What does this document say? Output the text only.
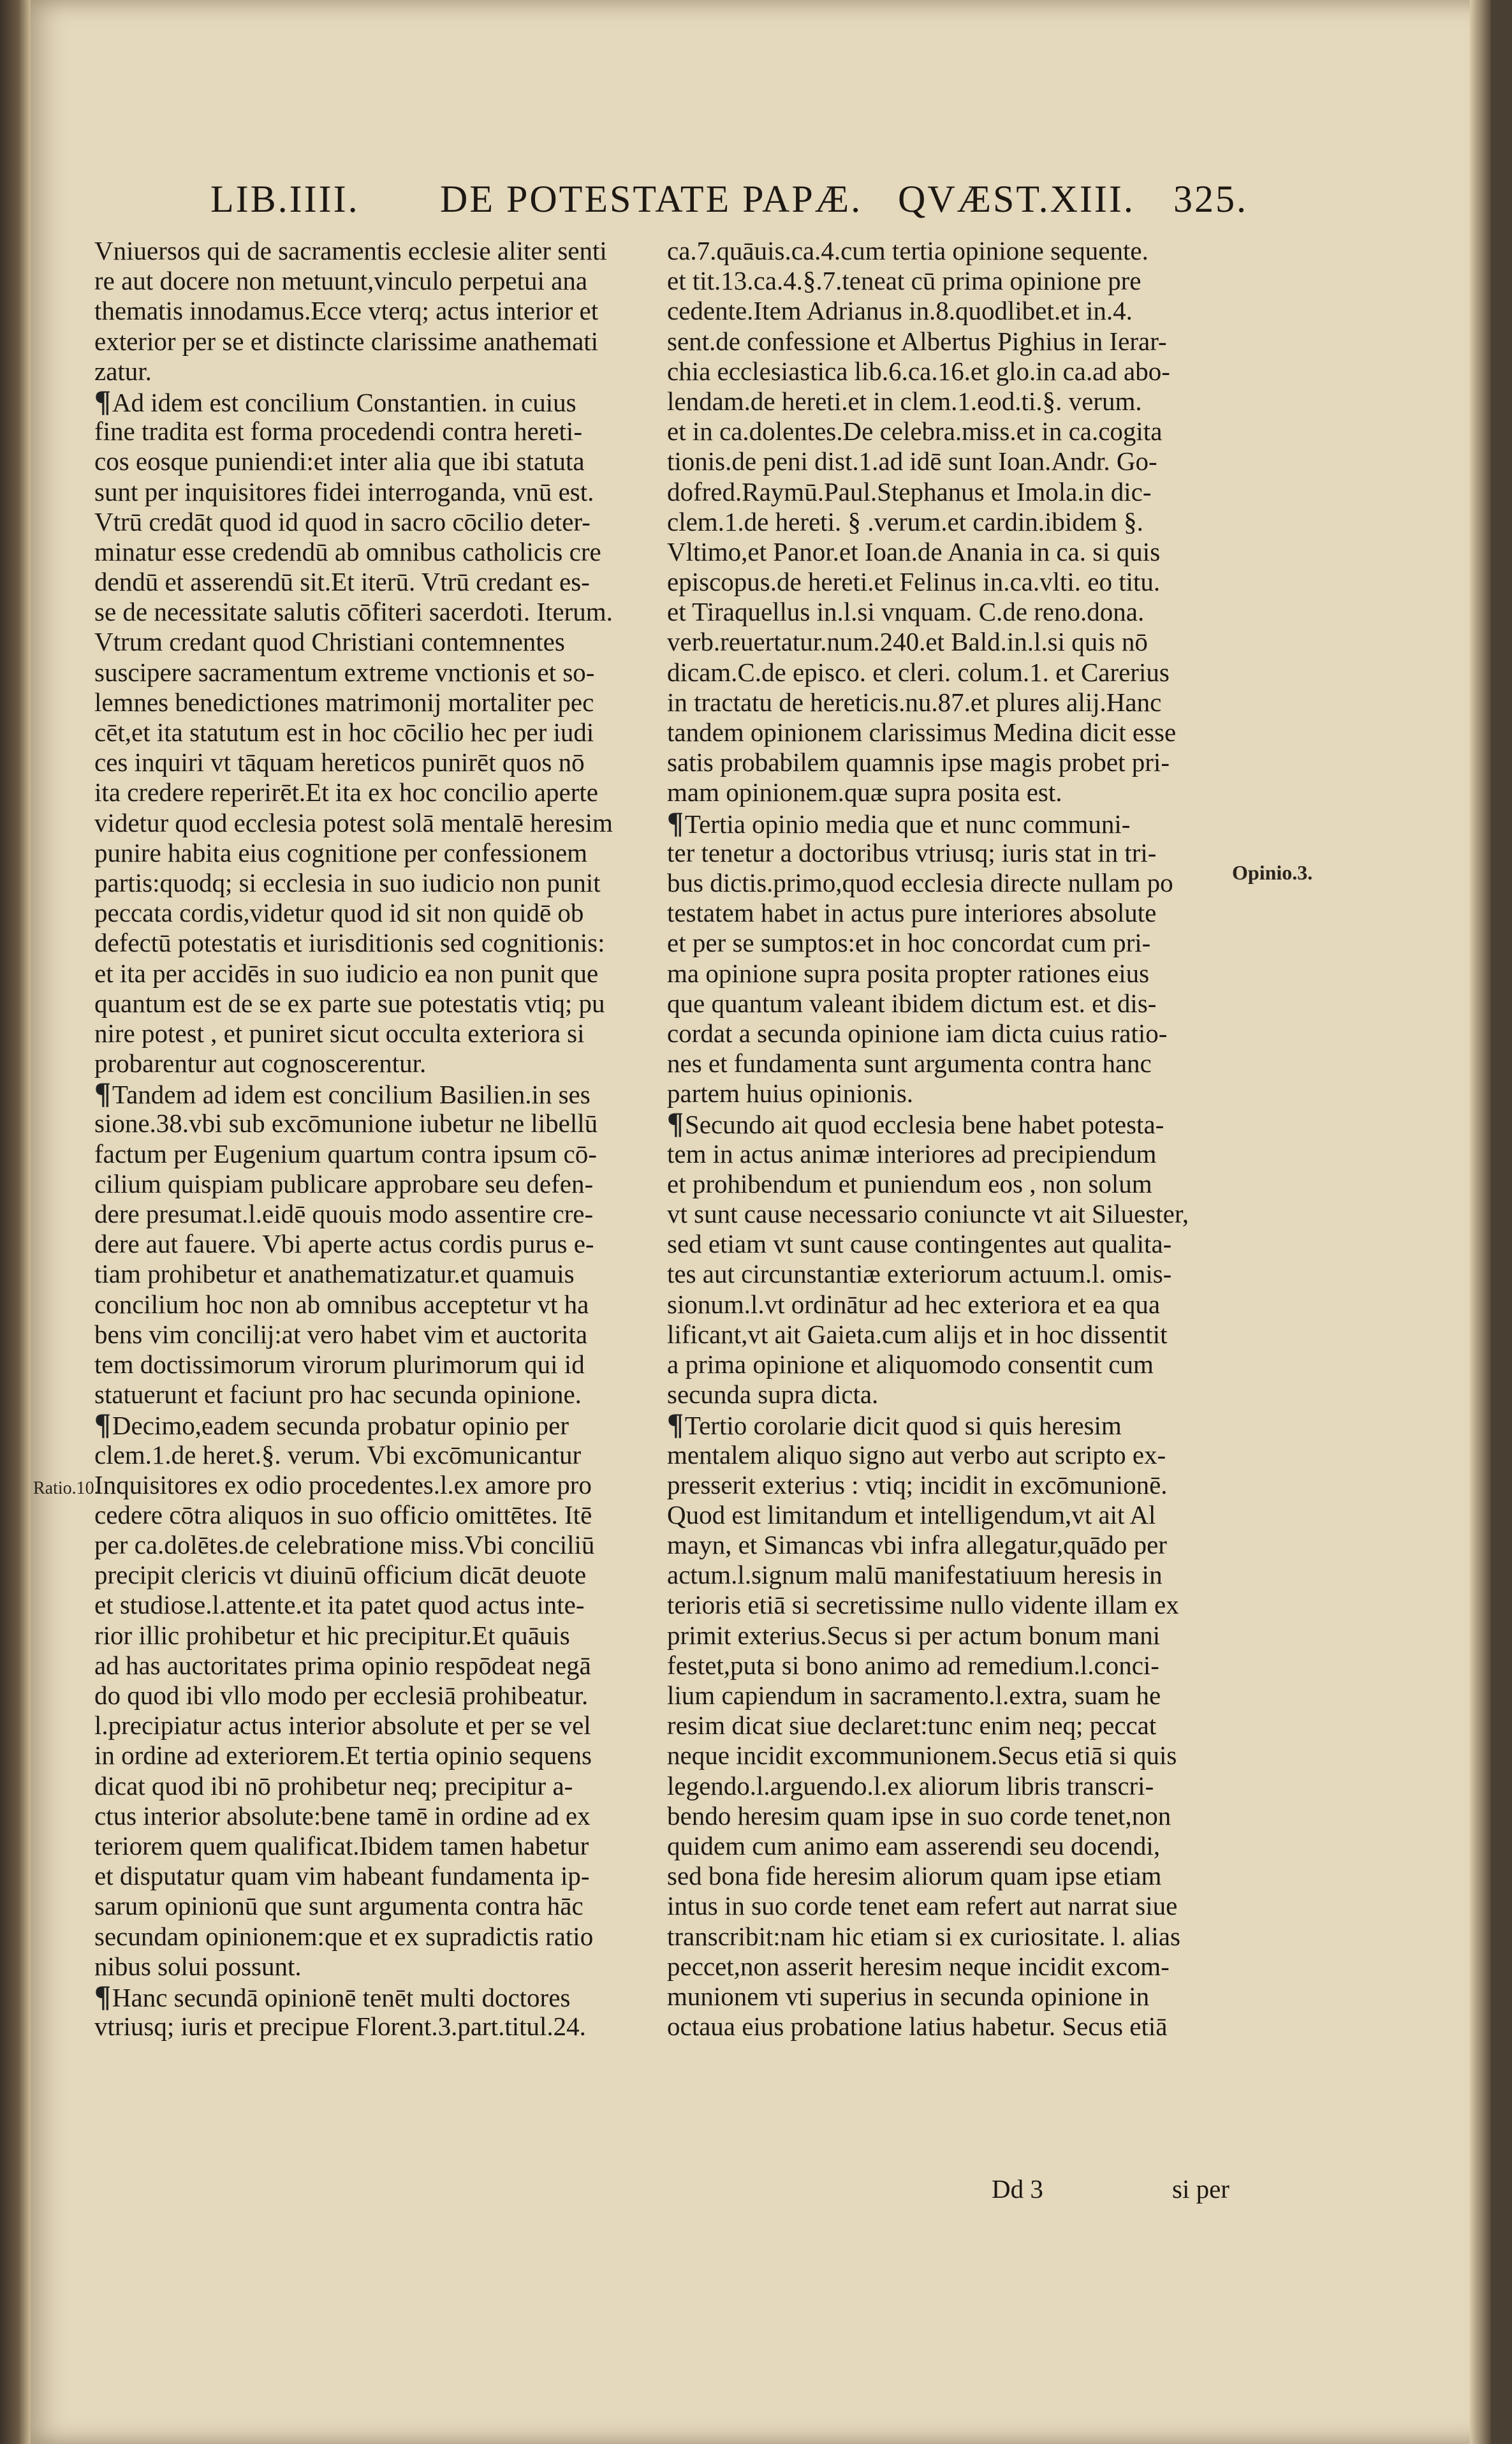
LIB.IIII. DE POTESTATE PAPÆ. QVÆST.XIII. 325.
Vniuersos qui de sacramentis ecclesie aliter senti
re aut docere non metuunt,vinculo perpetui ana
thematis innodamus.Ecce vterq; actus interior et
exterior per se et distincte clarissime anathemati
zatur.
¶Ad idem est concilium Constantien. in cuius
fine tradita est forma procedendi contra hereti-
cos eosque puniendi:et inter alia que ibi statuta
sunt per inquisitores fidei interroganda, vnū est.
Vtrū credāt quod id quod in sacro cōcilio deter-
minatur esse credendū ab omnibus catholicis cre
dendū et asserendū sit.Et iterū. Vtrū credant es-
se de necessitate salutis cōfiteri sacerdoti. Iterum.
Vtrum credant quod Christiani contemnentes
suscipere sacramentum extreme vnctionis et so-
lemnes benedictiones matrimonij mortaliter pec
cēt,et ita statutum est in hoc cōcilio hec per iudi
ces inquiri vt tāquam hereticos punirēt quos nō
ita credere reperirēt.Et ita ex hoc concilio aperte
videtur quod ecclesia potest solā mentalē heresim
punire habita eius cognitione per confessionem
partis:quodq; si ecclesia in suo iudicio non punit
peccata cordis,videtur quod id sit non quidē ob
defectū potestatis et iurisditionis sed cognitionis:
et ita per accidēs in suo iudicio ea non punit que
quantum est de se ex parte sue potestatis vtiq; pu
nire potest , et puniret sicut occulta exteriora si
probarentur aut cognoscerentur.
¶Tandem ad idem est concilium Basilien.in ses
sione.38.vbi sub excōmunione iubetur ne libellū
factum per Eugenium quartum contra ipsum cō-
cilium quispiam publicare approbare seu defen-
dere presumat.l.eidē quouis modo assentire cre-
dere aut fauere. Vbi aperte actus cordis purus e-
tiam prohibetur et anathematizatur.et quamuis
concilium hoc non ab omnibus acceptetur vt ha
bens vim concilij:at vero habet vim et auctorita
tem doctissimorum virorum plurimorum qui id
statuerunt et faciunt pro hac secunda opinione.
¶Decimo,eadem secunda probatur opinio per
clem.1.de heret.§. verum. Vbi excōmunicantur
Inquisitores ex odio procedentes.l.ex amore pro
cedere cōtra aliquos in suo officio omittētes. Itē
per ca.dolētes.de celebratione miss.Vbi conciliū
precipit clericis vt diuinū officium dicāt deuote
et studiose.l.attente.et ita patet quod actus inte-
rior illic prohibetur et hic precipitur.Et quāuis
ad has auctoritates prima opinio respōdeat negā
do quod ibi vllo modo per ecclesiā prohibeatur.
l.precipiatur actus interior absolute et per se vel
in ordine ad exteriorem.Et tertia opinio sequens
dicat quod ibi nō prohibetur neq; precipitur a-
ctus interior absolute:bene tamē in ordine ad ex
teriorem quem qualificat.Ibidem tamen habetur
et disputatur quam vim habeant fundamenta ip-
sarum opinionū que sunt argumenta contra hāc
secundam opinionem:que et ex supradictis ratio
nibus solui possunt.
¶Hanc secundā opinionē tenēt multi doctores
vtriusq; iuris et precipue Florent.3.part.titul.24.
ca.7.quāuis.ca.4.cum tertia opinione sequente.
et tit.13.ca.4.§.7.teneat cū prima opinione pre
cedente.Item Adrianus in.8.quodlibet.et in.4.
sent.de confessione et Albertus Pighius in Ierar-
chia ecclesiastica lib.6.ca.16.et glo.in ca.ad abo-
lendam.de hereti.et in clem.1.eod.ti.§. verum.
et in ca.dolentes.De celebra.miss.et in ca.cogita
tionis.de peni dist.1.ad idē sunt Ioan.Andr. Go-
dofred.Raymū.Paul.Stephanus et Imola.in dic-
clem.1.de hereti. § .verum.et cardin.ibidem §.
Vltimo,et Panor.et Ioan.de Anania in ca. si quis
episcopus.de hereti.et Felinus in.ca.vlti. eo titu.
et Tiraquellus in.l.si vnquam. C.de reno.dona.
verb.reuertatur.num.240.et Bald.in.l.si quis nō
dicam.C.de episco. et cleri. colum.1. et Carerius
in tractatu de hereticis.nu.87.et plures alij.Hanc
tandem opinionem clarissimus Medina dicit esse
satis probabilem quamnis ipse magis probet pri-
mam opinionem.quæ supra posita est.
¶Tertia opinio media que et nunc communi-
ter tenetur a doctoribus vtriusq; iuris stat in tri-
bus dictis.primo,quod ecclesia directe nullam po
testatem habet in actus pure interiores absolute
et per se sumptos:et in hoc concordat cum pri-
ma opinione supra posita propter rationes eius
que quantum valeant ibidem dictum est. et dis-
cordat a secunda opinione iam dicta cuius ratio-
nes et fundamenta sunt argumenta contra hanc
partem huius opinionis.
¶Secundo ait quod ecclesia bene habet potesta-
tem in actus animæ interiores ad precipiendum
et prohibendum et puniendum eos , non solum
vt sunt cause necessario coniuncte vt ait Siluester,
sed etiam vt sunt cause contingentes aut qualita-
tes aut circunstantiæ exteriorum actuum.l. omis-
sionum.l.vt ordinātur ad hec exteriora et ea qua
lificant,vt ait Gaieta.cum alijs et in hoc dissentit
a prima opinione et aliquomodo consentit cum
secunda supra dicta.
¶Tertio corolarie dicit quod si quis heresim
mentalem aliquo signo aut verbo aut scripto ex-
presserit exterius : vtiq; incidit in excōmunionē.
Quod est limitandum et intelligendum,vt ait Al
mayn, et Simancas vbi infra allegatur,quādo per
actum.l.signum malū manifestatiuum heresis in
terioris etiā si secretissime nullo vidente illam ex
primit exterius.Secus si per actum bonum mani
festet,puta si bono animo ad remedium.l.conci-
lium capiendum in sacramento.l.extra, suam he
resim dicat siue declaret:tunc enim neq; peccat
neque incidit excommunionem.Secus etiā si quis
legendo.l.arguendo.l.ex aliorum libris transcri-
bendo heresim quam ipse in suo corde tenet,non
quidem cum animo eam asserendi seu docendi,
sed bona fide heresim aliorum quam ipse etiam
intus in suo corde tenet eam refert aut narrat siue
transcribit:nam hic etiam si ex curiositate. l. alias
peccet,non asserit heresim neque incidit excom-
munionem vti superius in secunda opinione in
octaua eius probatione latius habetur. Secus etiā
Opinio.3.
Ratio.10.
Dd 3	si per
